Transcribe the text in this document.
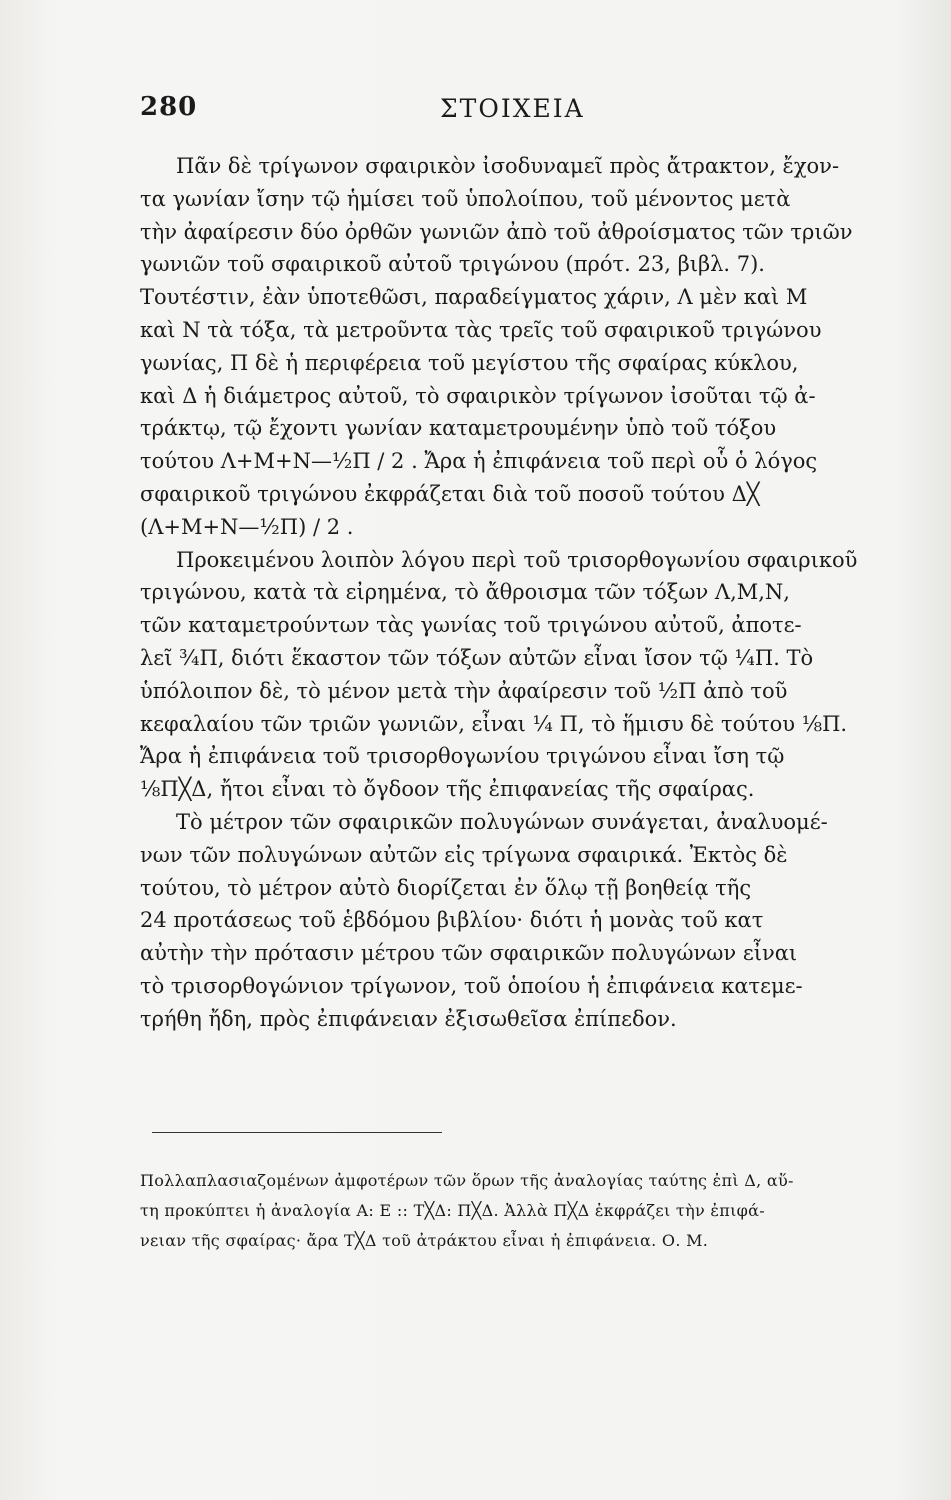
280	ΣΤΟΙΧΕΙΑ
Πᾶν δὲ τρίγωνον σφαιρικὸν ἰσοδυναμεῖ πρὸς ἄτρακτον, ἔχον-
τα γωνίαν ἴσην τῷ ἡμίσει τοῦ ὑπολοίπου, τοῦ μένοντος μετὰ
τὴν ἀφαίρεσιν δύο ὀρθῶν γωνιῶν ἀπὸ τοῦ ἀθροίσματος τῶν τριῶν
γωνιῶν τοῦ σφαιρικοῦ αὐτοῦ τριγώνου (πρότ. 23, βιβλ. 7).
Τουτέστιν, ἐὰν ὑποτεθῶσι, παραδείγματος χάριν, Λ μὲν καὶ Μ
καὶ Ν τὰ τόξα, τὰ μετροῦντα τὰς τρεῖς τοῦ σφαιρικοῦ τριγώνου
γωνίας, Π δὲ ἡ περιφέρεια τοῦ μεγίστου τῆς σφαίρας κύκλου,
καὶ Δ ἡ διάμετρος αὐτοῦ, τὸ σφαιρικὸν τρίγωνον ἰσοῦται τῷ ἀ-
τράκτῳ, τῷ ἔχοντι γωνίαν καταμετρουμένην ὑπὸ τοῦ τόξου
τούτου Λ+Μ+Ν—½Π / 2 . Ἄρα ἡ ἐπιφάνεια τοῦ περὶ οὗ ὁ λόγος
σφαιρικοῦ τριγώνου ἐκφράζεται διὰ τοῦ ποσοῦ τούτου Δ╳
(Λ+Μ+Ν—½Π) / 2 .
Προκειμένου λοιπὸν λόγου περὶ τοῦ τρισορθογωνίου σφαιρικοῦ
τριγώνου, κατὰ τὰ εἰρημένα, τὸ ἄθροισμα τῶν τόξων Λ,Μ,Ν,
τῶν καταμετρούντων τὰς γωνίας τοῦ τριγώνου αὐτοῦ, ἀποτε-
λεῖ ¾Π, διότι ἕκαστον τῶν τόξων αὐτῶν εἶναι ἴσον τῷ ¼Π. Τὸ
ὑπόλοιπον δὲ, τὸ μένον μετὰ τὴν ἀφαίρεσιν τοῦ ½Π ἀπὸ τοῦ
κεφαλαίου τῶν τριῶν γωνιῶν, εἶναι ¼ Π, τὸ ἥμισυ δὲ τούτου ⅛Π.
Ἄρα ἡ ἐπιφάνεια τοῦ τρισορθογωνίου τριγώνου εἶναι ἴση τῷ
⅛Π╳Δ, ἤτοι εἶναι τὸ ὄγδοον τῆς ἐπιφανείας τῆς σφαίρας.
Τὸ μέτρον τῶν σφαιρικῶν πολυγώνων συνάγεται, ἀναλυομέ-
νων τῶν πολυγώνων αὐτῶν εἰς τρίγωνα σφαιρικά. Ἐκτὸς δὲ
τούτου, τὸ μέτρον αὐτὸ διορίζεται ἐν ὅλῳ τῇ βοηθείᾳ τῆς
24 προτάσεως τοῦ ἑβδόμου βιβλίου· διότι ἡ μονὰς τοῦ κατ
αὐτὴν τὴν πρότασιν μέτρου τῶν σφαιρικῶν πολυγώνων εἶναι
τὸ τρισορθογώνιον τρίγωνον, τοῦ ὁποίου ἡ ἐπιφάνεια κατεμε-
τρήθη ἤδη, πρὸς ἐπιφάνειαν ἐξισωθεῖσα ἐπίπεδον.
Πολλαπλασιαζομένων ἀμφοτέρων τῶν ὅρων τῆς ἀναλογίας ταύτης ἐπὶ Δ, αὕ-
τη προκύπτει ἡ ἀναλογία Α: Ε :: Τ╳Δ: Π╳Δ. Ἀλλὰ Π╳Δ ἐκφράζει τὴν ἐπιφά-
νειαν τῆς σφαίρας· ἄρα Τ╳Δ τοῦ ἀτράκτου εἶναι ἡ ἐπιφάνεια. Ο. Μ.
